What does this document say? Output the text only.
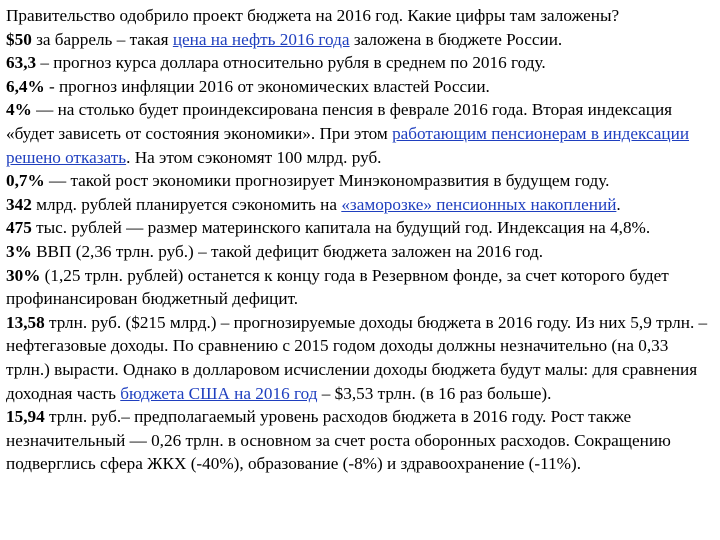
Правительство одобрило проект бюджета на 2016 год. Какие цифры там заложены?

$50 за баррель – такая цена на нефть 2016 года заложена в бюджете России.

63,3 – прогноз курса доллара относительно рубля в среднем по 2016 году.

6,4% - прогноз инфляции 2016 от экономических властей России.

4% — на столько будет проиндексирована пенсия в феврале 2016 года. Вторая индексация «будет зависеть от состояния экономики». При этом работающим пенсионерам в индексации решено отказать. На этом сэкономят 100 млрд. руб.

0,7% — такой рост экономики прогнозирует Минэкономразвития в будущем году.

342 млрд. рублей планируется сэкономить на «заморозке» пенсионных накоплений.

475 тыс. рублей — размер материнского капитала на будущий год. Индексация на 4,8%.

3% ВВП (2,36 трлн. руб.) – такой дефицит бюджета заложен на 2016 год.

30% (1,25 трлн. рублей) останется к концу года в Резервном фонде, за счет которого будет профинансирован бюджетный дефицит.

13,58 трлн. руб. ($215 млрд.) – прогнозируемые доходы бюджета в 2016 году. Из них 5,9 трлн. – нефтегазовые доходы. По сравнению с 2015 годом доходы должны незначительно (на 0,33 трлн.) вырасти. Однако в долларовом исчислении доходы бюджета будут малы: для сравнения доходная часть бюджета США на 2016 год – $3,53 трлн. (в 16 раз больше).

15,94 трлн. руб.– предполагаемый уровень расходов бюджета в 2016 году. Рост также незначительный — 0,26 трлн. в основном за счет роста оборонных расходов. Сокращению подверглись сфера ЖКХ (-40%), образование (-8%) и здравоохранение (-11%).
